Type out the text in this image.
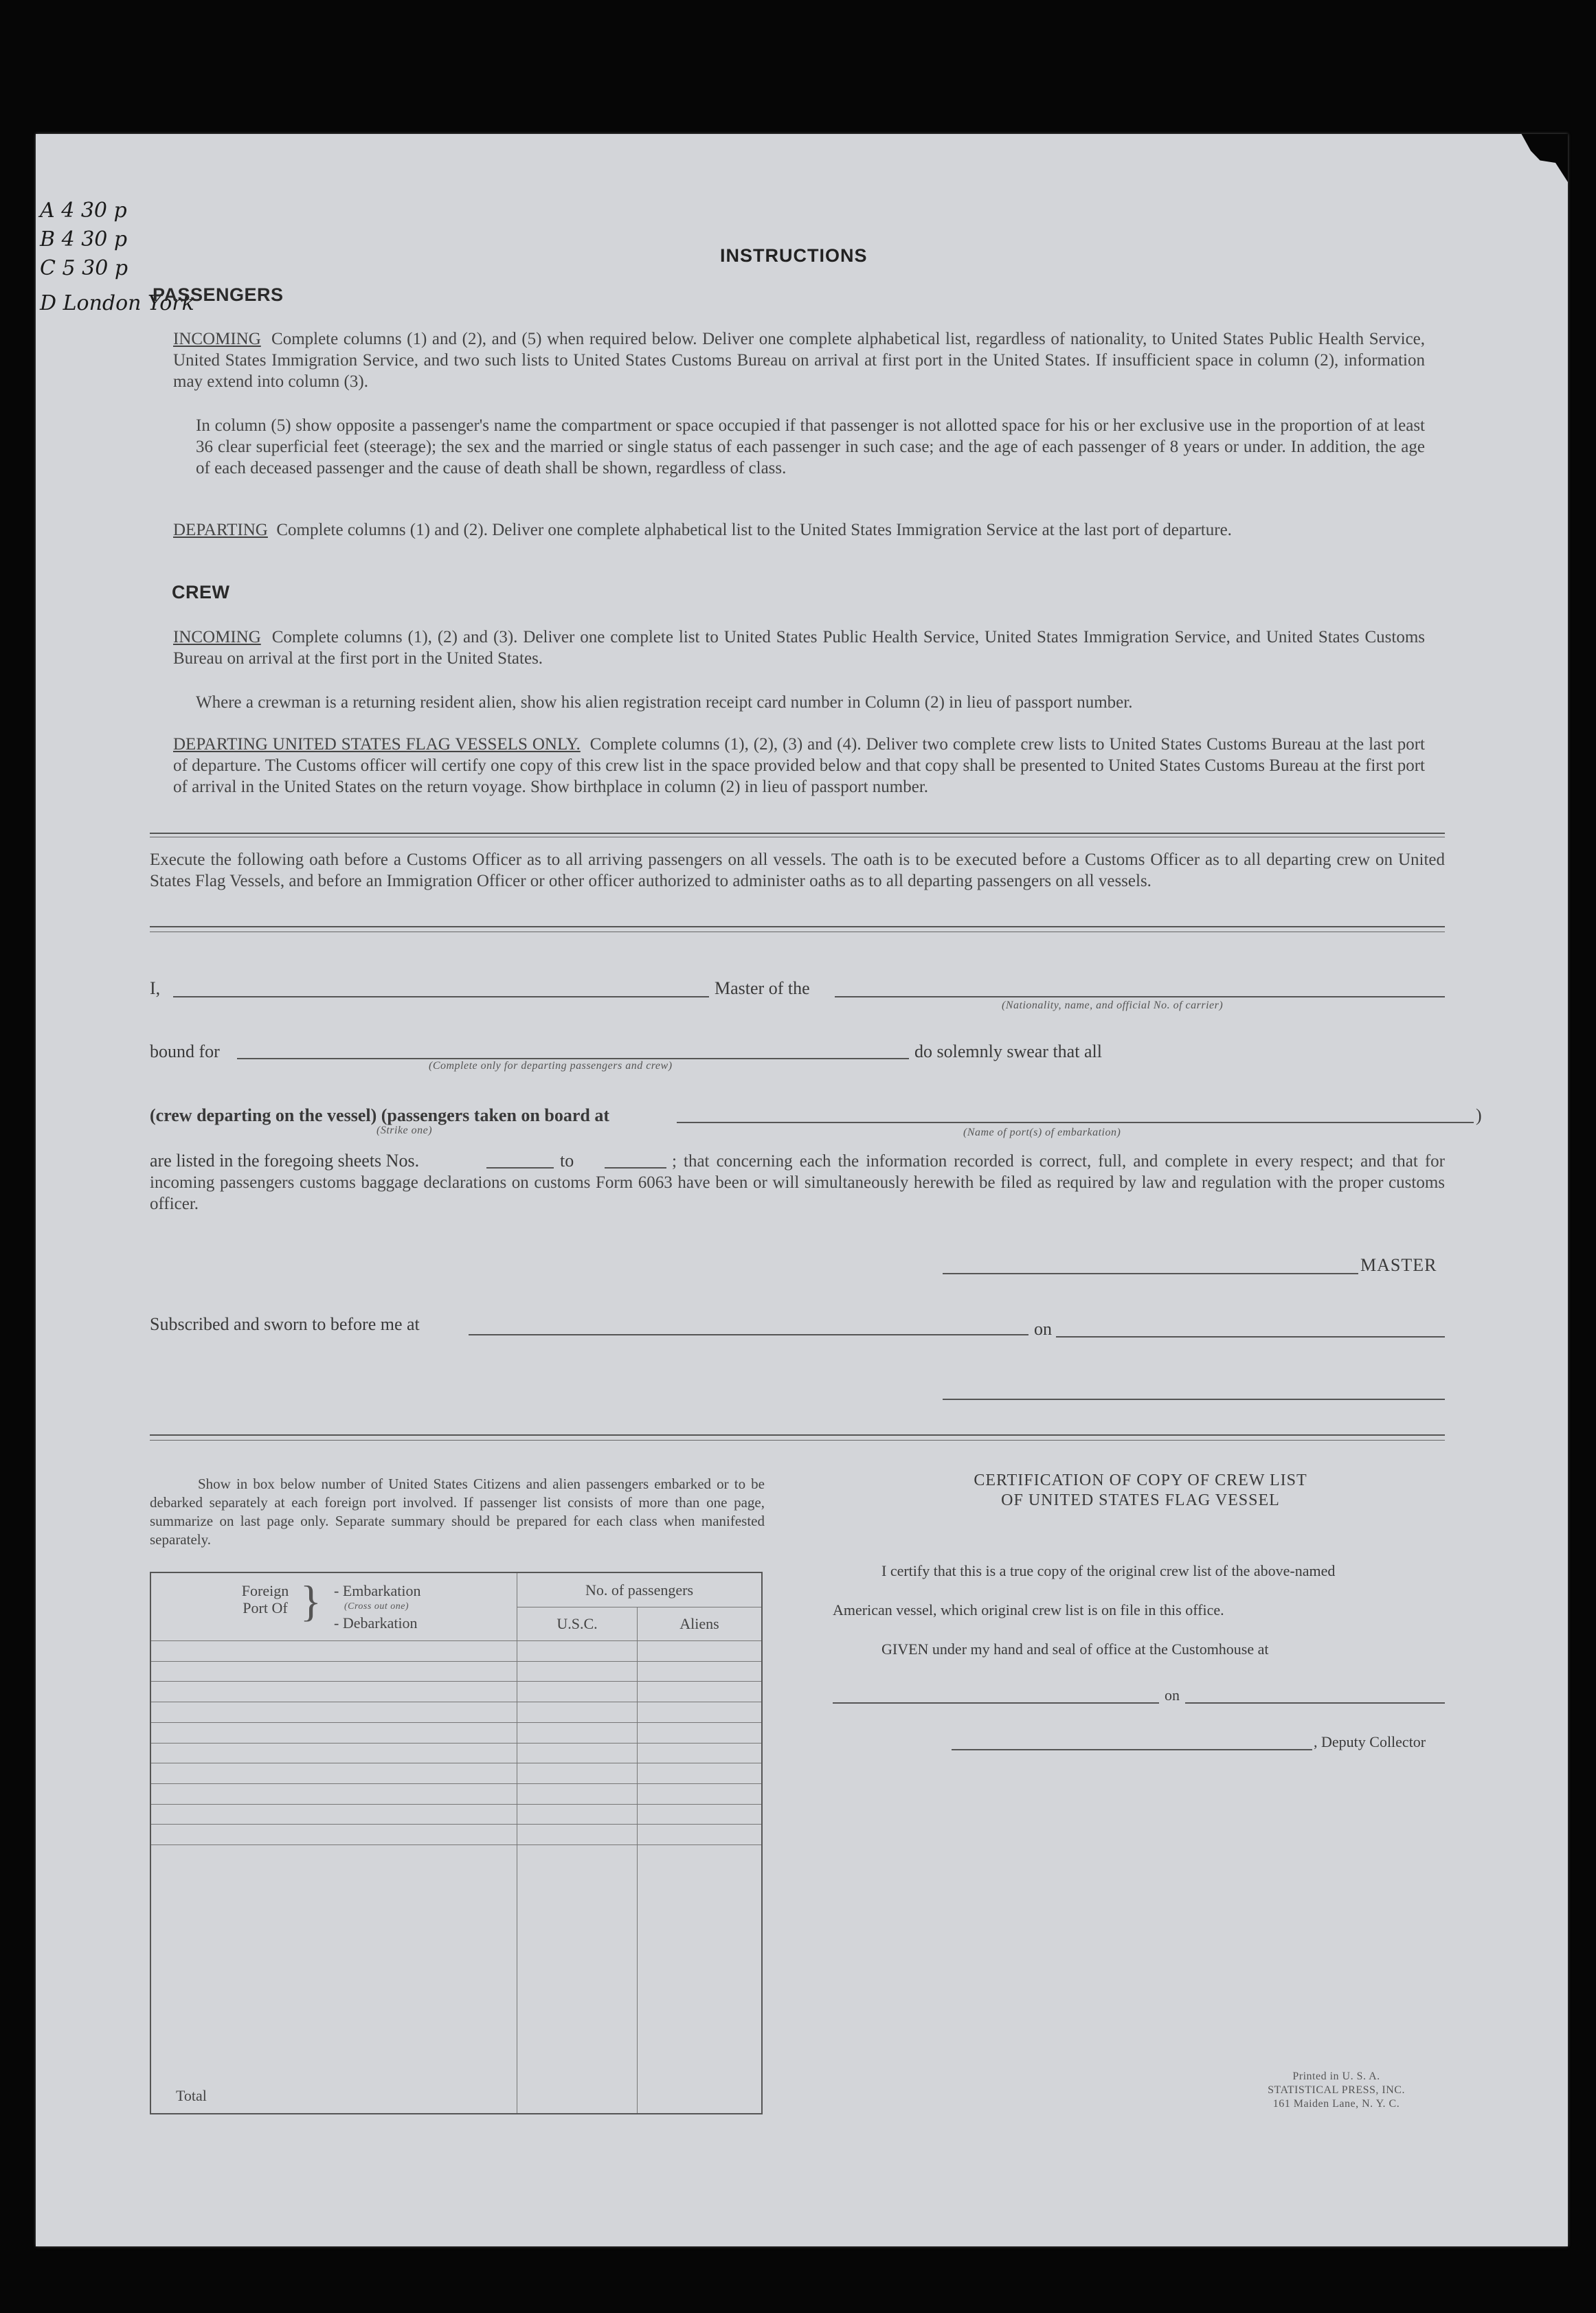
A 4 30 p
B 4 30 p
C 5 30 p
D London York
INSTRUCTIONS
PASSENGERS
INCOMING Complete columns (1) and (2), and (5) when required below. Deliver one complete alphabetical list, regardless of nationality, to United States Public Health Service, United States Immigration Service, and two such lists to United States Customs Bureau on arrival at first port in the United States. If insufficient space in column (2), information may extend into column (3).
In column (5) show opposite a passenger's name the compartment or space occupied if that passenger is not allotted space for his or her exclusive use in the proportion of at least 36 clear superficial feet (steerage); the sex and the married or single status of each passenger in such case; and the age of each passenger of 8 years or under. In addition, the age of each deceased passenger and the cause of death shall be shown, regardless of class.
DEPARTING Complete columns (1) and (2). Deliver one complete alphabetical list to the United States Immigration Service at the last port of departure.
CREW
INCOMING Complete columns (1), (2) and (3). Deliver one complete list to United States Public Health Service, United States Immigration Service, and United States Customs Bureau on arrival at the first port in the United States.
Where a crewman is a returning resident alien, show his alien registration receipt card number in Column (2) in lieu of passport number.
DEPARTING UNITED STATES FLAG VESSELS ONLY. Complete columns (1), (2), (3) and (4). Deliver two complete crew lists to United States Customs Bureau at the last port of departure. The Customs officer will certify one copy of this crew list in the space provided below and that copy shall be presented to United States Customs Bureau at the first port of arrival in the United States on the return voyage. Show birthplace in column (2) in lieu of passport number.
Execute the following oath before a Customs Officer as to all arriving passengers on all vessels. The oath is to be executed before a Customs Officer as to all departing crew on United States Flag Vessels, and before an Immigration Officer or other officer authorized to administer oaths as to all departing passengers on all vessels.
I,	Master of the
(Nationality, name, and official No. of carrier)
bound for
(Complete only for departing passengers and crew)
do solemnly swear that all
(crew departing on the vessel) (passengers taken on board at	)
(Strike one)	(Name of port(s) of embarkation)
are listed in the foregoing sheets Nos.	to	; that concerning each the information recorded is correct, full, and complete in every respect; and that for incoming passengers customs baggage declarations on customs Form 6063 have been or will simultaneously herewith be filed as required by law and regulation with the proper customs officer.
MASTER
Subscribed and sworn to before me at	on
Show in box below number of United States Citizens and alien passengers embarked or to be debarked separately at each foreign port involved. If passenger list consists of more than one page, summarize on last page only. Separate summary should be prepared for each class when manifested separately.
Foreign Port Of } - Embarkation
(Cross out one)
- Debarkation	No. of passengers	
	U.S.C.	Aliens

Total		
CERTIFICATION OF COPY OF CREW LIST
OF UNITED STATES FLAG VESSEL
I certify that this is a true copy of the original crew list of the above-named
American vessel, which original crew list is on file in this office.
GIVEN under my hand and seal of office at the Customhouse at
on
, Deputy Collector
Printed in U. S. A.
STATISTICAL PRESS, INC.
161 Maiden Lane, N. Y. C.
